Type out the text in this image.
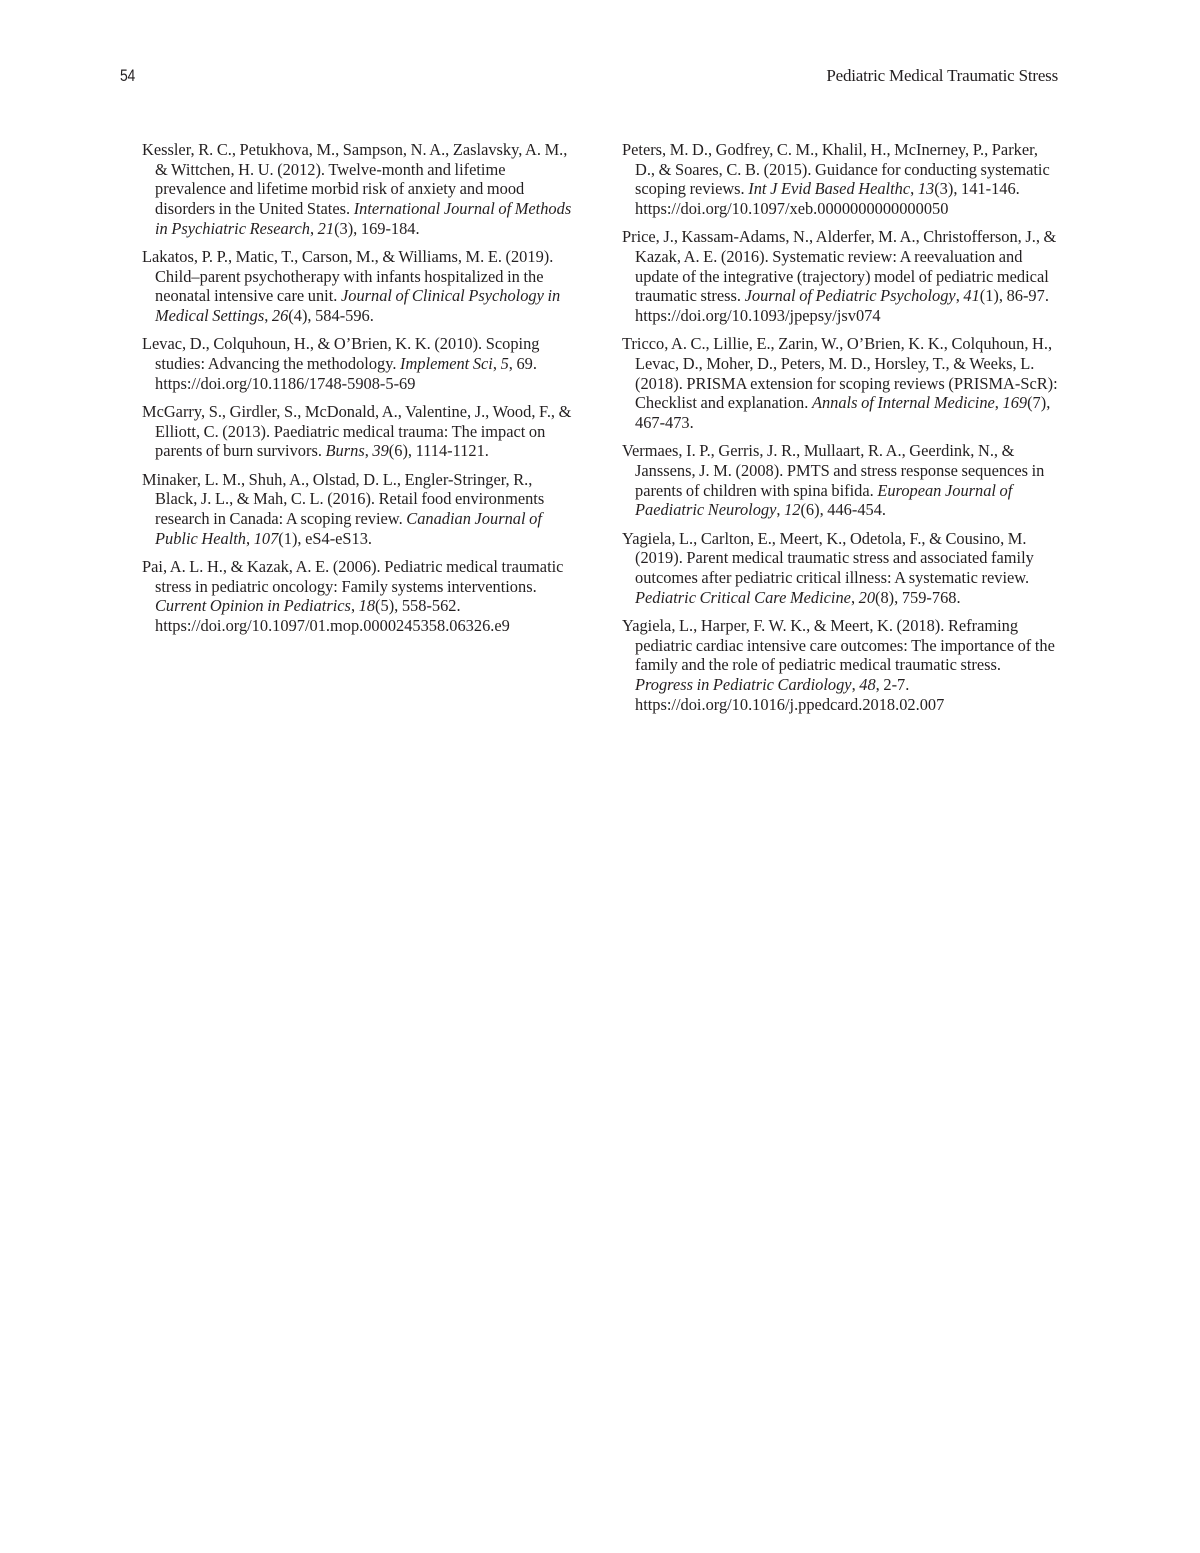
54	Pediatric Medical Traumatic Stress

Kessler, R. C., Petukhova, M., Sampson, N. A., Zaslavsky, A. M., & Wittchen, H. U. (2012). Twelve-month and lifetime prevalence and lifetime morbid risk of anxiety and mood disorders in the United States. International Journal of Methods in Psychiatric Research, 21(3), 169-184.

Lakatos, P. P., Matic, T., Carson, M., & Williams, M. E. (2019). Child–parent psychotherapy with infants hospitalized in the neonatal intensive care unit. Journal of Clinical Psychology in Medical Settings, 26(4), 584-596.

Levac, D., Colquhoun, H., & O’Brien, K. K. (2010). Scoping studies: Advancing the methodology. Implement Sci, 5, 69. https://doi.org/10.1186/1748-5908-5-69

McGarry, S., Girdler, S., McDonald, A., Valentine, J., Wood, F., & Elliott, C. (2013). Paediatric medical trauma: The impact on parents of burn survivors. Burns, 39(6), 1114-1121.

Minaker, L. M., Shuh, A., Olstad, D. L., Engler-Stringer, R., Black, J. L., & Mah, C. L. (2016). Retail food environments research in Canada: A scoping review. Canadian Journal of Public Health, 107(1), eS4-eS13.

Pai, A. L. H., & Kazak, A. E. (2006). Pediatric medical traumatic stress in pediatric oncology: Family systems interventions. Current Opinion in Pediatrics, 18(5), 558-562. https://doi.org/10.1097/01.mop.0000245358.06326.e9

Peters, M. D., Godfrey, C. M., Khalil, H., McInerney, P., Parker, D., & Soares, C. B. (2015). Guidance for conducting systematic scoping reviews. Int J Evid Based Healthc, 13(3), 141-146. https://doi.org/10.1097/xeb.0000000000000050

Price, J., Kassam-Adams, N., Alderfer, M. A., Christofferson, J., & Kazak, A. E. (2016). Systematic review: A reevaluation and update of the integrative (trajectory) model of pediatric medical traumatic stress. Journal of Pediatric Psychology, 41(1), 86-97. https://doi.org/10.1093/jpepsy/jsv074

Tricco, A. C., Lillie, E., Zarin, W., O’Brien, K. K., Colquhoun, H., Levac, D., Moher, D., Peters, M. D., Horsley, T., & Weeks, L. (2018). PRISMA extension for scoping reviews (PRISMA-ScR): Checklist and explanation. Annals of Internal Medicine, 169(7), 467-473.

Vermaes, I. P., Gerris, J. R., Mullaart, R. A., Geerdink, N., & Janssens, J. M. (2008). PMTS and stress response sequences in parents of children with spina bifida. European Journal of Paediatric Neurology, 12(6), 446-454.

Yagiela, L., Carlton, E., Meert, K., Odetola, F., & Cousino, M. (2019). Parent medical traumatic stress and associated family outcomes after pediatric critical illness: A systematic review. Pediatric Critical Care Medicine, 20(8), 759-768.

Yagiela, L., Harper, F. W. K., & Meert, K. (2018). Reframing pediatric cardiac intensive care outcomes: The importance of the family and the role of pediatric medical traumatic stress. Progress in Pediatric Cardiology, 48, 2-7. https://doi.org/10.1016/j.ppedcard.2018.02.007
